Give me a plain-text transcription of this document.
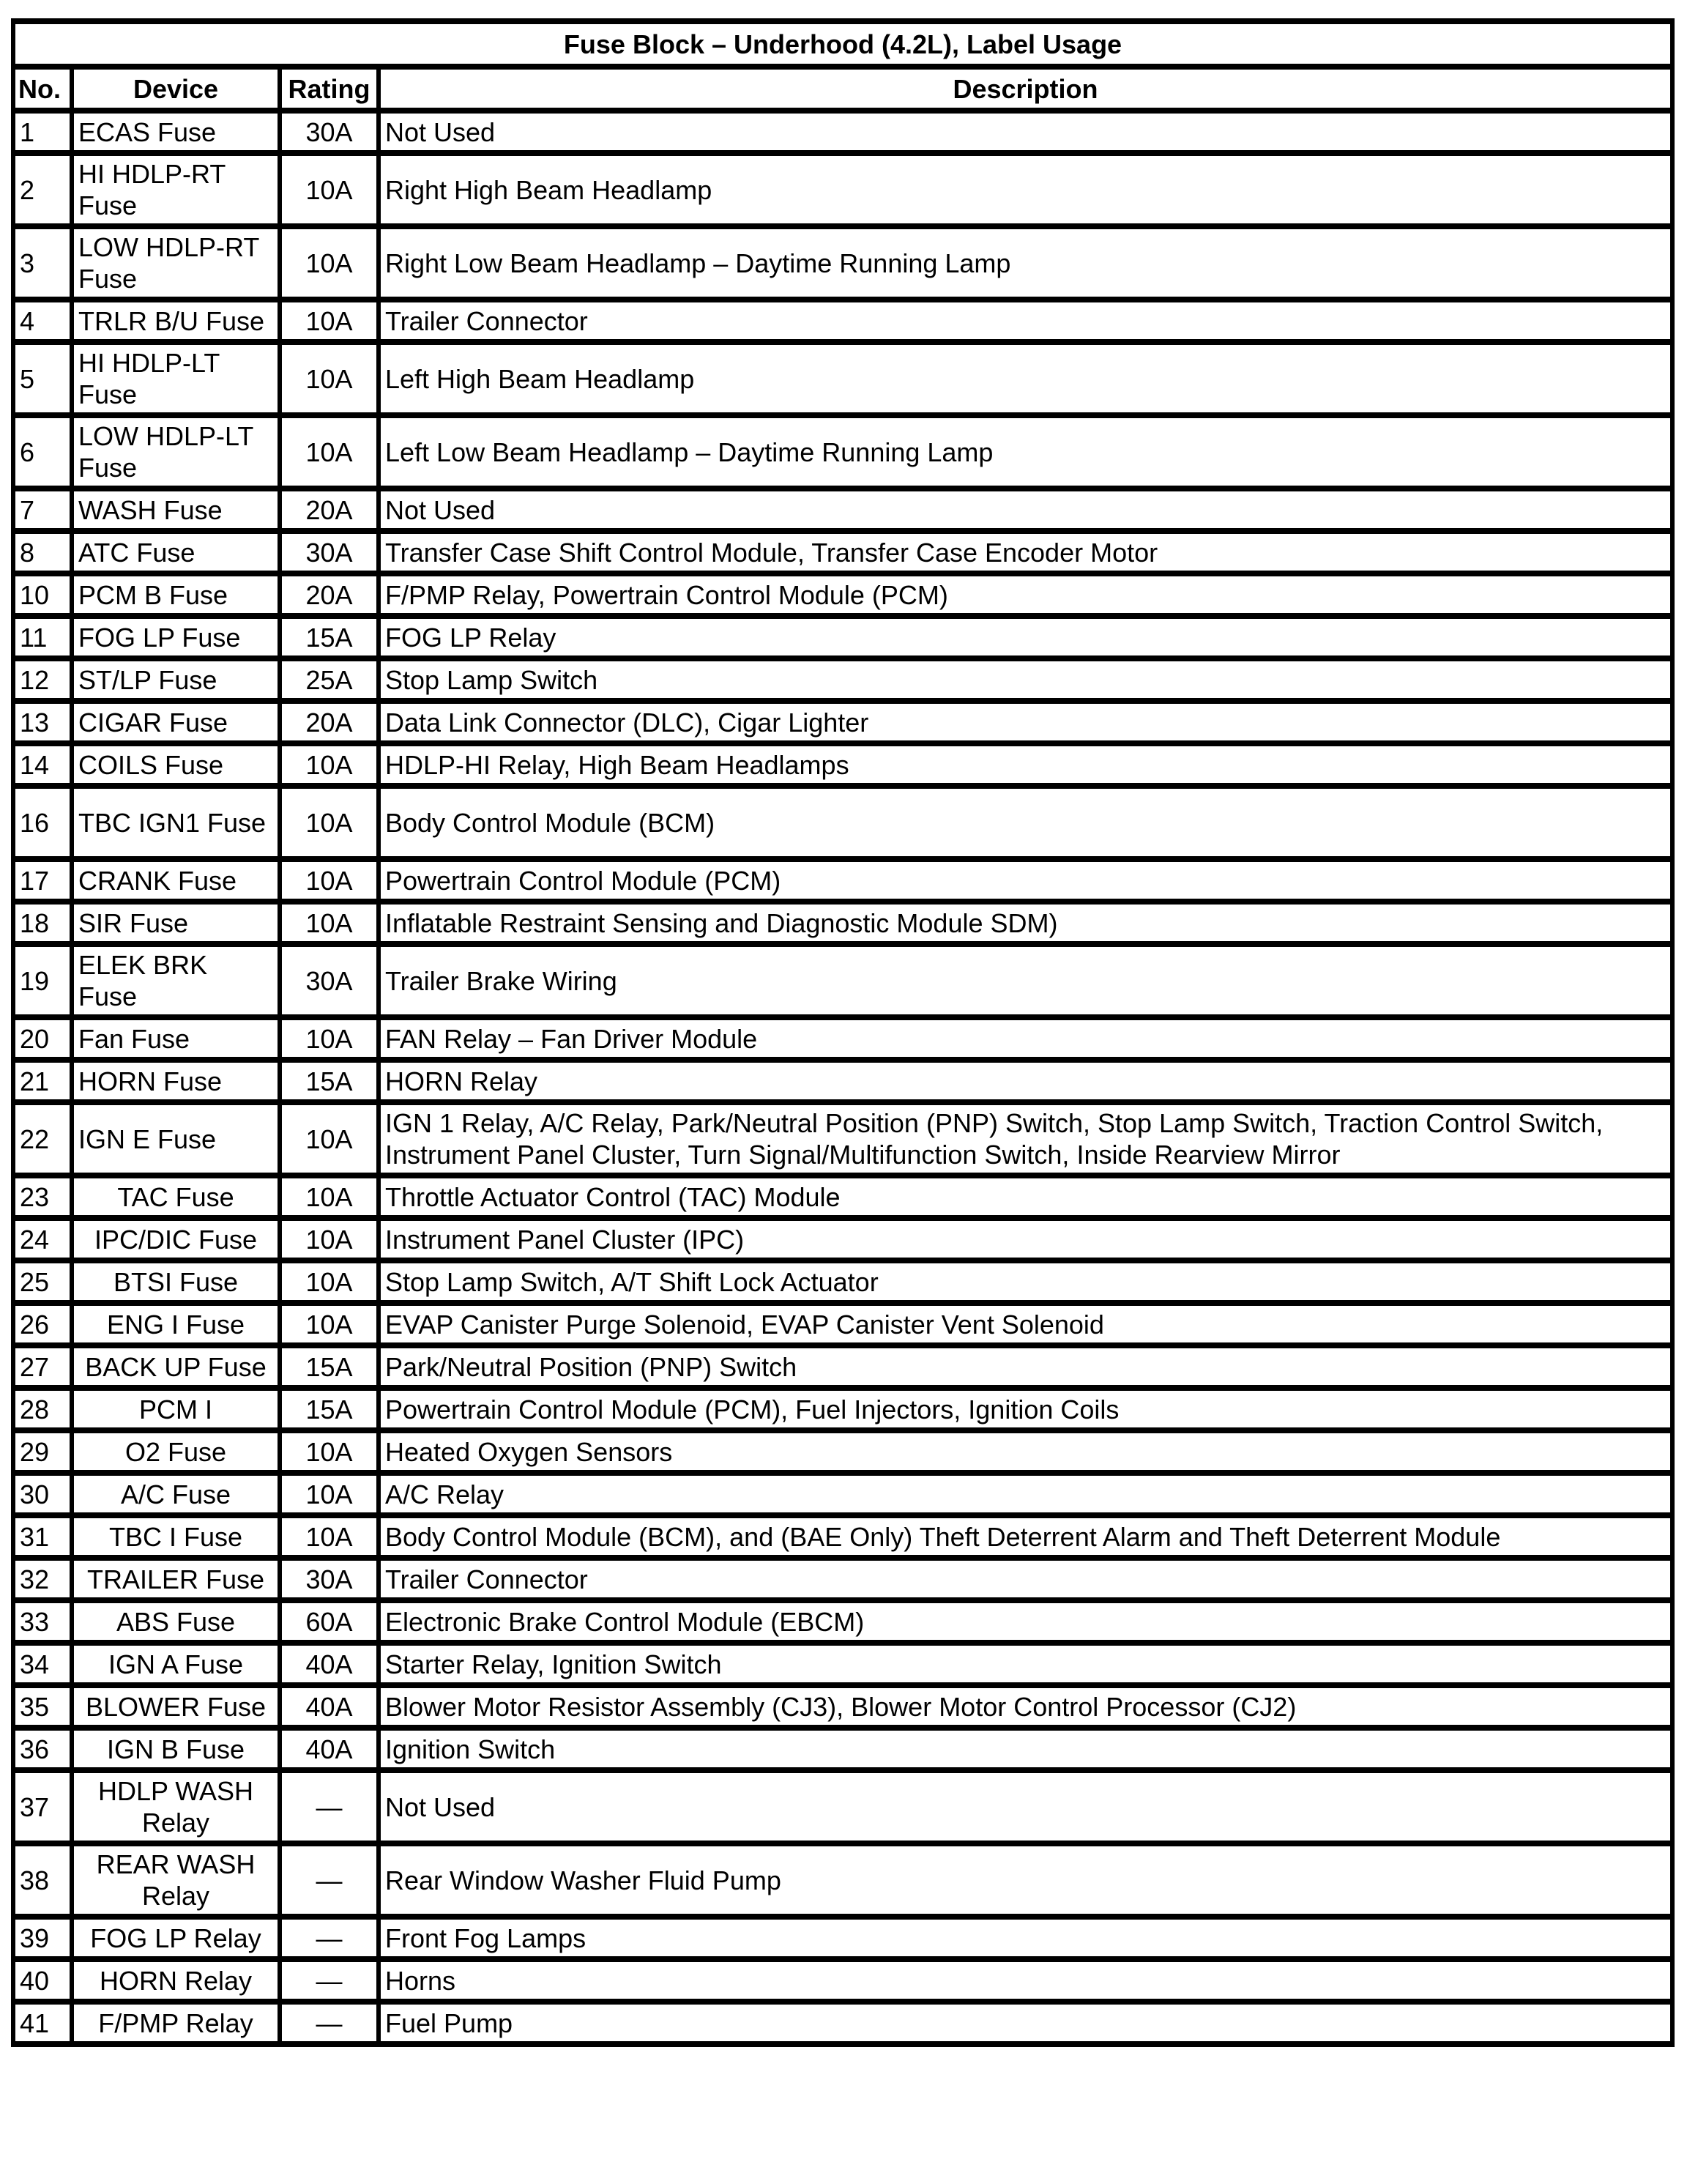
Fuse Block – Underhood (4.2L), Label Usage			
No.	Device	Rating	Description
1	ECAS Fuse	30A	Not Used
2	HI HDLP-RT Fuse	10A	Right High Beam Headlamp
3	LOW HDLP-RT Fuse	10A	Right Low Beam Headlamp – Daytime Running Lamp
4	TRLR B/U Fuse	10A	Trailer Connector
5	HI HDLP-LT Fuse	10A	Left High Beam Headlamp
6	LOW HDLP-LT Fuse	10A	Left Low Beam Headlamp – Daytime Running Lamp
7	WASH Fuse	20A	Not Used
8	ATC Fuse	30A	Transfer Case Shift Control Module, Transfer Case Encoder Motor
10	PCM B Fuse	20A	F/PMP Relay, Powertrain Control Module (PCM)
11	FOG LP Fuse	15A	FOG LP Relay
12	ST/LP Fuse	25A	Stop Lamp Switch
13	CIGAR Fuse	20A	Data Link Connector (DLC), Cigar Lighter
14	COILS Fuse	10A	HDLP-HI Relay, High Beam Headlamps
16	TBC IGN1 Fuse	10A	Body Control Module (BCM)
17	CRANK Fuse	10A	Powertrain Control Module (PCM)
18	SIR Fuse	10A	Inflatable Restraint Sensing and Diagnostic Module SDM)
19	ELEK BRK Fuse	30A	Trailer Brake Wiring
20	Fan Fuse	10A	FAN Relay – Fan Driver Module
21	HORN Fuse	15A	HORN Relay
22	IGN E Fuse	10A	IGN 1 Relay, A/C Relay, Park/Neutral Position (PNP) Switch, Stop Lamp Switch, Traction Control Switch, Instrument Panel Cluster, Turn Signal/Multifunction Switch, Inside Rearview Mirror
23	TAC Fuse	10A	Throttle Actuator Control (TAC) Module
24	IPC/DIC Fuse	10A	Instrument Panel Cluster (IPC)
25	BTSI Fuse	10A	Stop Lamp Switch, A/T Shift Lock Actuator
26	ENG I Fuse	10A	EVAP Canister Purge Solenoid, EVAP Canister Vent Solenoid
27	BACK UP Fuse	15A	Park/Neutral Position (PNP) Switch
28	PCM I	15A	Powertrain Control Module (PCM), Fuel Injectors, Ignition Coils
29	O2 Fuse	10A	Heated Oxygen Sensors
30	A/C Fuse	10A	A/C Relay
31	TBC I Fuse	10A	Body Control Module (BCM), and (BAE Only) Theft Deterrent Alarm and Theft Deterrent Module
32	TRAILER Fuse	30A	Trailer Connector
33	ABS Fuse	60A	Electronic Brake Control Module (EBCM)
34	IGN A Fuse	40A	Starter Relay, Ignition Switch
35	BLOWER Fuse	40A	Blower Motor Resistor Assembly (CJ3), Blower Motor Control Processor (CJ2)
36	IGN B Fuse	40A	Ignition Switch
37	HDLP WASH Relay	—	Not Used
38	REAR WASH Relay	—	Rear Window Washer Fluid Pump
39	FOG LP Relay	—	Front Fog Lamps
40	HORN Relay	—	Horns
41	F/PMP Relay	—	Fuel Pump
